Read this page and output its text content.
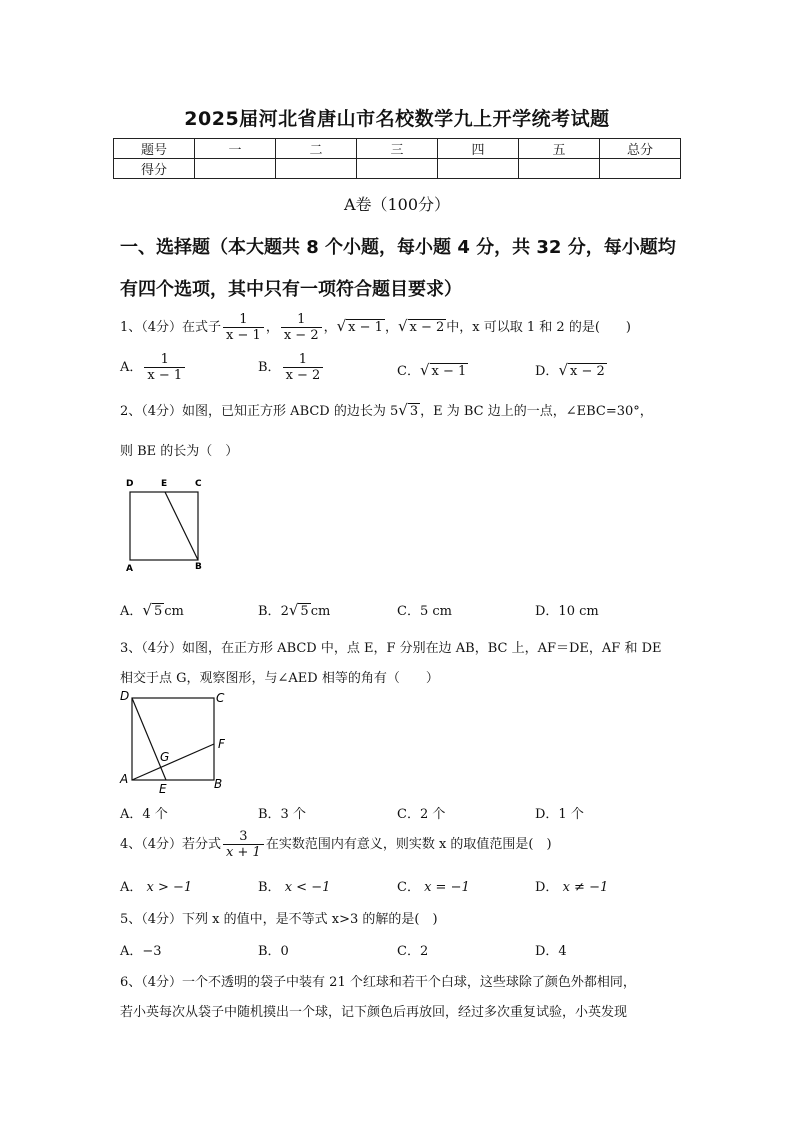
2025届河北省唐山市名校数学九上开学统考试题
题号	一	二	三	四	五	总分
得分						
A卷（100分）
一、选择题（本大题共 8 个小题，每小题 4 分，共 32 分，每小题均
有四个选项，其中只有一项符合题目要求）
1、（4分）在式子 $\frac{1}{x - 1}$ ， $\frac{1}{x - 2}$ ，√ x − 1 ，√ x − 2 中，x 可以取 1 和 2 的是(　　)
A． $\frac{1}{x - 1}$	B． $\frac{1}{x - 2}$	C．√ x − 1	D．√ x − 2
2、（4分）如图，已知正方形 ABCD 的边长为 5√ 3 ，E 为 BC 边上的一点，∠EBC=30°，
则 BE 的长为（　）
D	E	C
A	B
A．√ 5 cm	B．2√ 5 cm	C．5 cm	D．10 cm
3、（4分）如图，在正方形 ABCD 中，点 E，F 分别在边 AB，BC 上，AF＝DE，AF 和 DE
相交于点 G，观察图形，与∠AED 相等的角有（　　）
D	C
F
G
A
E	B
A．4 个	B．3 个	C．2 个	D．1 个
4、（4分）若分式 $\frac{3}{x + 1}$ 在实数范围内有意义，则实数 x 的取值范围是(　)
A． x > −1	B． x < −1	C． x = −1	D． x ≠ −1
5、（4分）下列 x 的值中，是不等式 x>3 的解的是(　)
A．−3	B．0	C．2	D．4
6、（4分）一个不透明的袋子中装有 21 个红球和若干个白球，这些球除了颜色外都相同，
若小英每次从袋子中随机摸出一个球，记下颜色后再放回，经过多次重复试验，小英发现
